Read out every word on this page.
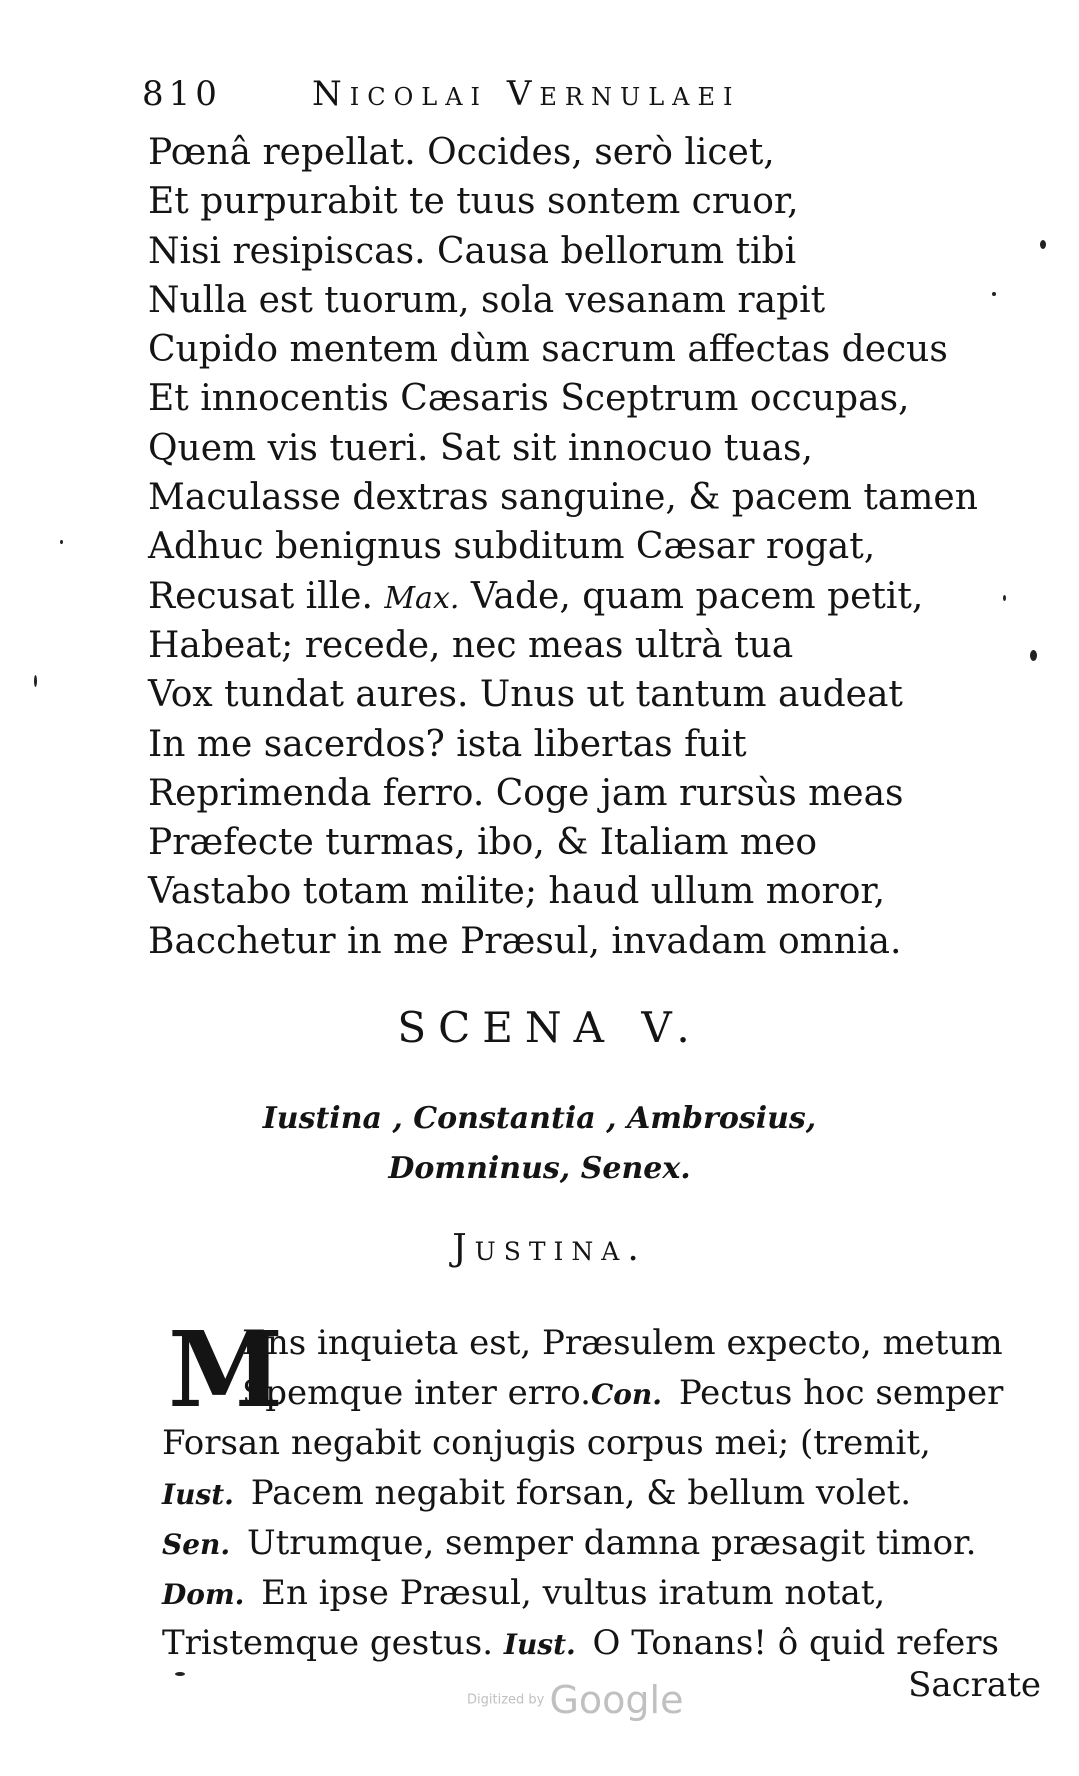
810	Nicolai Vernulaei
Pœnâ repellat. Occides, serò licet,
Et purpurabit te tuus sontem cruor,
Nisi resipiscas. Causa bellorum tibi
Nulla est tuorum, sola vesanam rapit
Cupido mentem dùm sacrum affectas decus
Et innocentis Cæsaris Sceptrum occupas,
Quem vis tueri. Sat sit innocuo tuas,
Maculasse dextras sanguine, & pacem tamen
Adhuc benignus subditum Cæsar rogat,
Recusat ille. Max. Vade, quam pacem petit,
Habeat; recede, nec meas ultrà tua
Vox tundat aures. Unus ut tantum audeat
In me sacerdos? ista libertas fuit
Reprimenda ferro. Coge jam rursùs meas
Præfecte turmas, ibo, & Italiam meo
Vastabo totam milite; haud ullum moror,
Bacchetur in me Præsul, invadam omnia.
SCENA V.
Iustina , Constantia , Ambrosius,
Domninus, Senex.
Justina.
M
Ens inquieta est, Præsulem expecto, metum
Spemque inter erro.Con. Pectus hoc semper
Forsan negabit conjugis corpus mei; (tremit,
Iust. Pacem negabit forsan, & bellum volet.
Sen. Utrumque, semper damna præsagit timor.
Dom. En ipse Præsul, vultus iratum notat,
Tristemque gestus. Iust. O Tonans! ô quid refers
Sacrate
Digitized by Google
